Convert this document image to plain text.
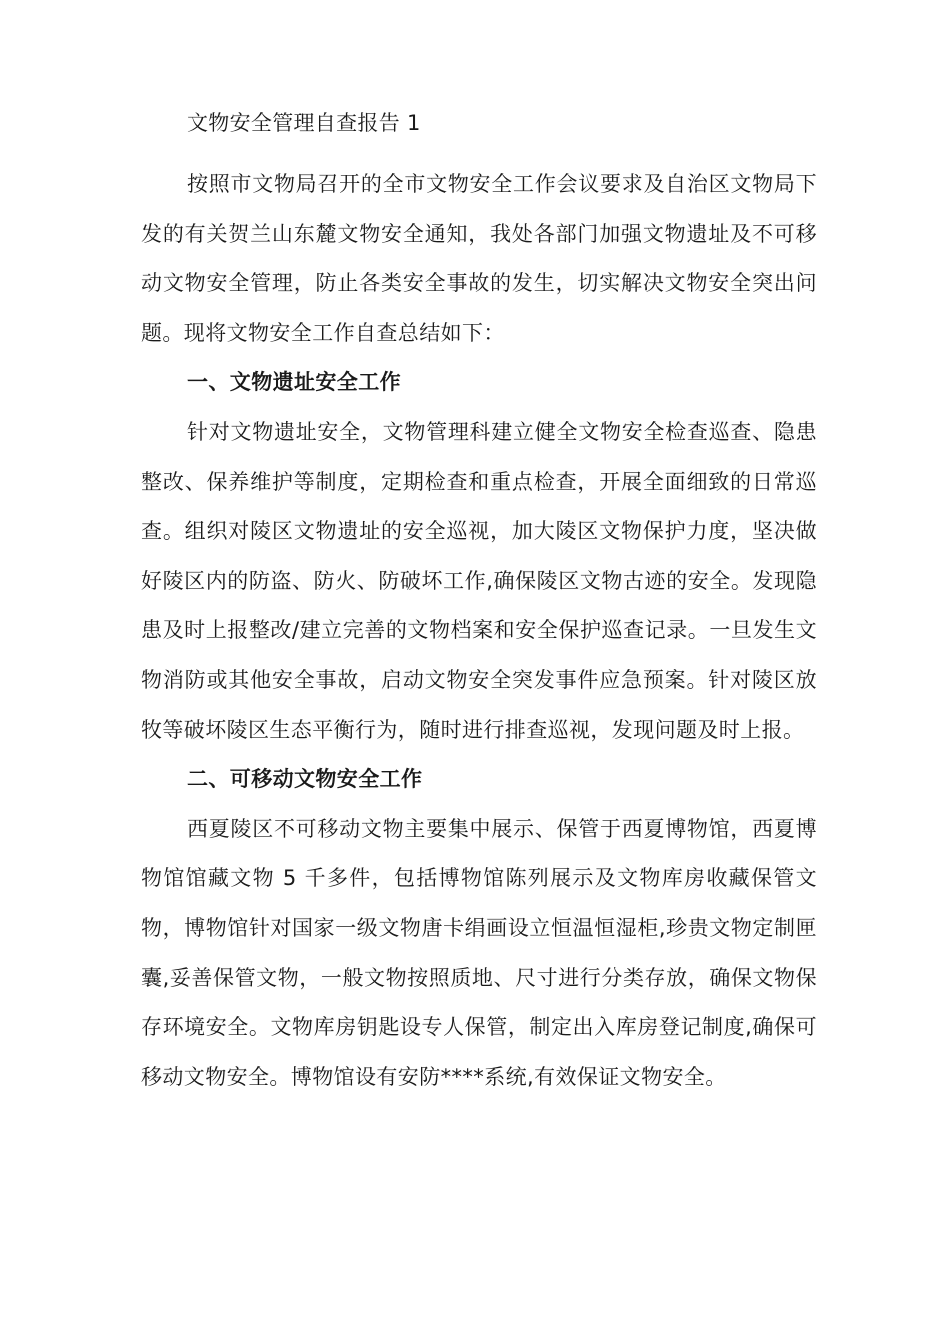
文物安全管理自查报告 1

按照市文物局召开的全市文物安全工作会议要求及自治区文物局下发的有关贺兰山东麓文物安全通知，我处各部门加强文物遗址及不可移动文物安全管理，防止各类安全事故的发生，切实解决文物安全突出问题。现将文物安全工作自查总结如下：

一、文物遗址安全工作

针对文物遗址安全，文物管理科建立健全文物安全检查巡查、隐患整改、保养维护等制度，定期检查和重点检查，开展全面细致的日常巡查。组织对陵区文物遗址的安全巡视，加大陵区文物保护力度，坚决做好陵区内的防盗、防火、防破坏工作,确保陵区文物古迹的安全。发现隐患及时上报整改/建立完善的文物档案和安全保护巡查记录。一旦发生文物消防或其他安全事故，启动文物安全突发事件应急预案。针对陵区放牧等破坏陵区生态平衡行为，随时进行排查巡视，发现问题及时上报。

二、可移动文物安全工作

西夏陵区不可移动文物主要集中展示、保管于西夏博物馆，西夏博物馆馆藏文物 5 千多件，包括博物馆陈列展示及文物库房收藏保管文物，博物馆针对国家一级文物唐卡绢画设立恒温恒湿柜,珍贵文物定制匣囊,妥善保管文物，一般文物按照质地、尺寸进行分类存放，确保文物保存环境安全。文物库房钥匙设专人保管，制定出入库房登记制度,确保可移动文物安全。博物馆设有安防****系统,有效保证文物安全。
